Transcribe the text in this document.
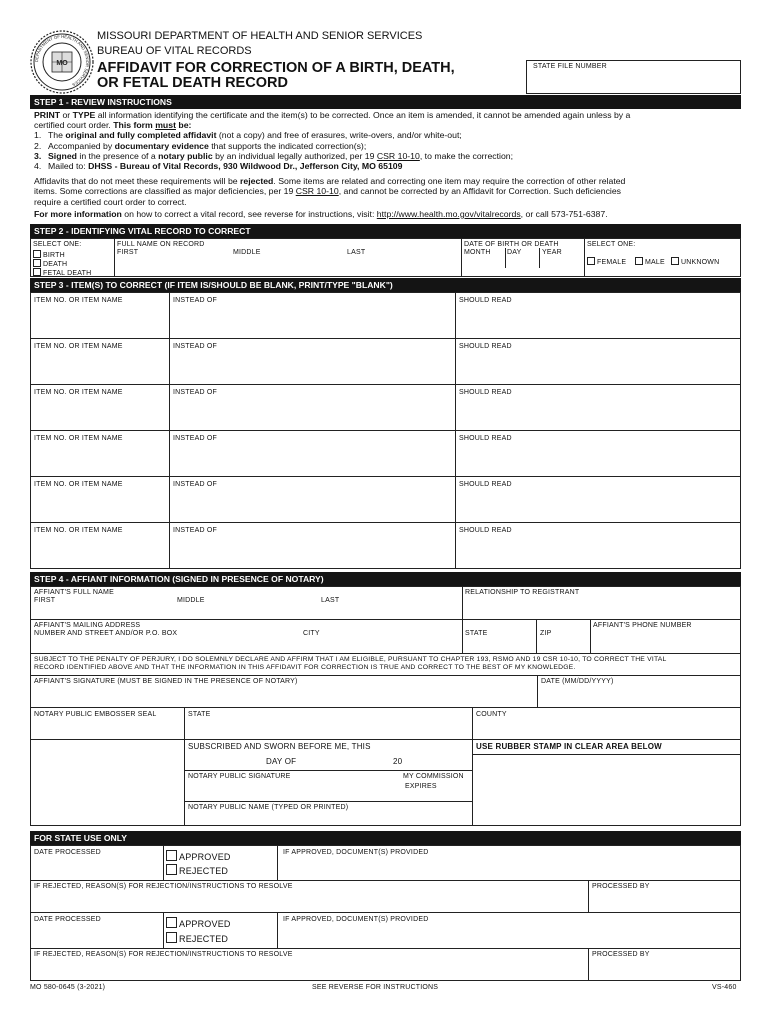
DEPARTMENT OF HEALTH AND SENIOR SERVICES
MO
MISSOURI DEPARTMENT OF HEALTH AND SENIOR SERVICES
BUREAU OF VITAL RECORDS
AFFIDAVIT FOR CORRECTION OF A BIRTH, DEATH,
OR FETAL DEATH RECORD
STATE FILE NUMBER
STEP 1 - REVIEW INSTRUCTIONS
PRINT or TYPE all information identifying the certificate and the item(s) to be corrected. Once an item is amended, it cannot be amended again unless by a
certified court order. This form must be:
1. The original and fully completed affidavit (not a copy) and free of erasures, write-overs, and/or white-out;
2. Accompanied by documentary evidence that supports the indicated correction(s);
3. Signed in the presence of a notary public by an individual legally authorized, per 19 CSR 10-10, to make the correction;
4. Mailed to: DHSS - Bureau of Vital Records, 930 Wildwood Dr., Jefferson City, MO 65109
Affidavits that do not meet these requirements will be rejected. Some items are related and correcting one item may require the correction of other related
items. Some corrections are classified as major deficiencies, per 19 CSR 10-10, and cannot be corrected by an Affidavit for Correction. Such deficiencies
require a certified court order to correct.
For more information on how to correct a vital record, see reverse for instructions, visit: http://www.health.mo.gov/vitalrecords, or call 573-751-6387.
STEP 2 - IDENTIFYING VITAL RECORD TO CORRECT
SELECT ONE:
BIRTH
DEATH
FETAL DEATH
FULL NAME ON RECORD
FIRST	MIDDLE	LAST
DATE OF BIRTH OR DEATH
MONTH DAY	YEAR
SELECT ONE:
FEMALE	MALE	UNKNOWN
STEP 3 - ITEM(S) TO CORRECT (IF ITEM IS/SHOULD BE BLANK, PRINT/TYPE "BLANK")
ITEM NO. OR ITEM NAME	INSTEAD OF	SHOULD READ
ITEM NO. OR ITEM NAME	INSTEAD OF	SHOULD READ
ITEM NO. OR ITEM NAME	INSTEAD OF	SHOULD READ
ITEM NO. OR ITEM NAME	INSTEAD OF	SHOULD READ
ITEM NO. OR ITEM NAME	INSTEAD OF	SHOULD READ
ITEM NO. OR ITEM NAME	INSTEAD OF	SHOULD READ
STEP 4 - AFFIANT INFORMATION (SIGNED IN PRESENCE OF NOTARY)
AFFIANT'S FULL NAME
FIRST	MIDDLE	LAST
RELATIONSHIP TO REGISTRANT
AFFIANT'S MAILING ADDRESS
NUMBER AND STREET AND/OR P.O. BOX	CITY	STATE	ZIP
AFFIANT'S PHONE NUMBER
SUBJECT TO THE PENALTY OF PERJURY, I DO SOLEMNLY DECLARE AND AFFIRM THAT I AM ELIGIBLE, PURSUANT TO CHAPTER 193, RSMO AND 19 CSR 10-10, TO CORRECT THE VITAL
RECORD IDENTIFIED ABOVE AND THAT THE INFORMATION IN THIS AFFIDAVIT FOR CORRECTION IS TRUE AND CORRECT TO THE BEST OF MY KNOWLEDGE.
AFFIANT'S SIGNATURE (MUST BE SIGNED IN THE PRESENCE OF NOTARY)	DATE (MM/DD/YYYY)
NOTARY PUBLIC EMBOSSER SEAL	STATE	COUNTY
SUBSCRIBED AND SWORN BEFORE ME, THIS
DAY OF	20
USE RUBBER STAMP IN CLEAR AREA BELOW
NOTARY PUBLIC SIGNATURE	MY COMMISSION
EXPIRES
NOTARY PUBLIC NAME (TYPED OR PRINTED)
FOR STATE USE ONLY
DATE PROCESSED	APPROVED
REJECTED
IF APPROVED, DOCUMENT(S) PROVIDED
IF REJECTED, REASON(S) FOR REJECTION/INSTRUCTIONS TO RESOLVE	PROCESSED BY
DATE PROCESSED	APPROVED
REJECTED
IF APPROVED, DOCUMENT(S) PROVIDED
IF REJECTED, REASON(S) FOR REJECTION/INSTRUCTIONS TO RESOLVE	PROCESSED BY
MO 580-0645 (3-2021)	SEE REVERSE FOR INSTRUCTIONS	VS-460
